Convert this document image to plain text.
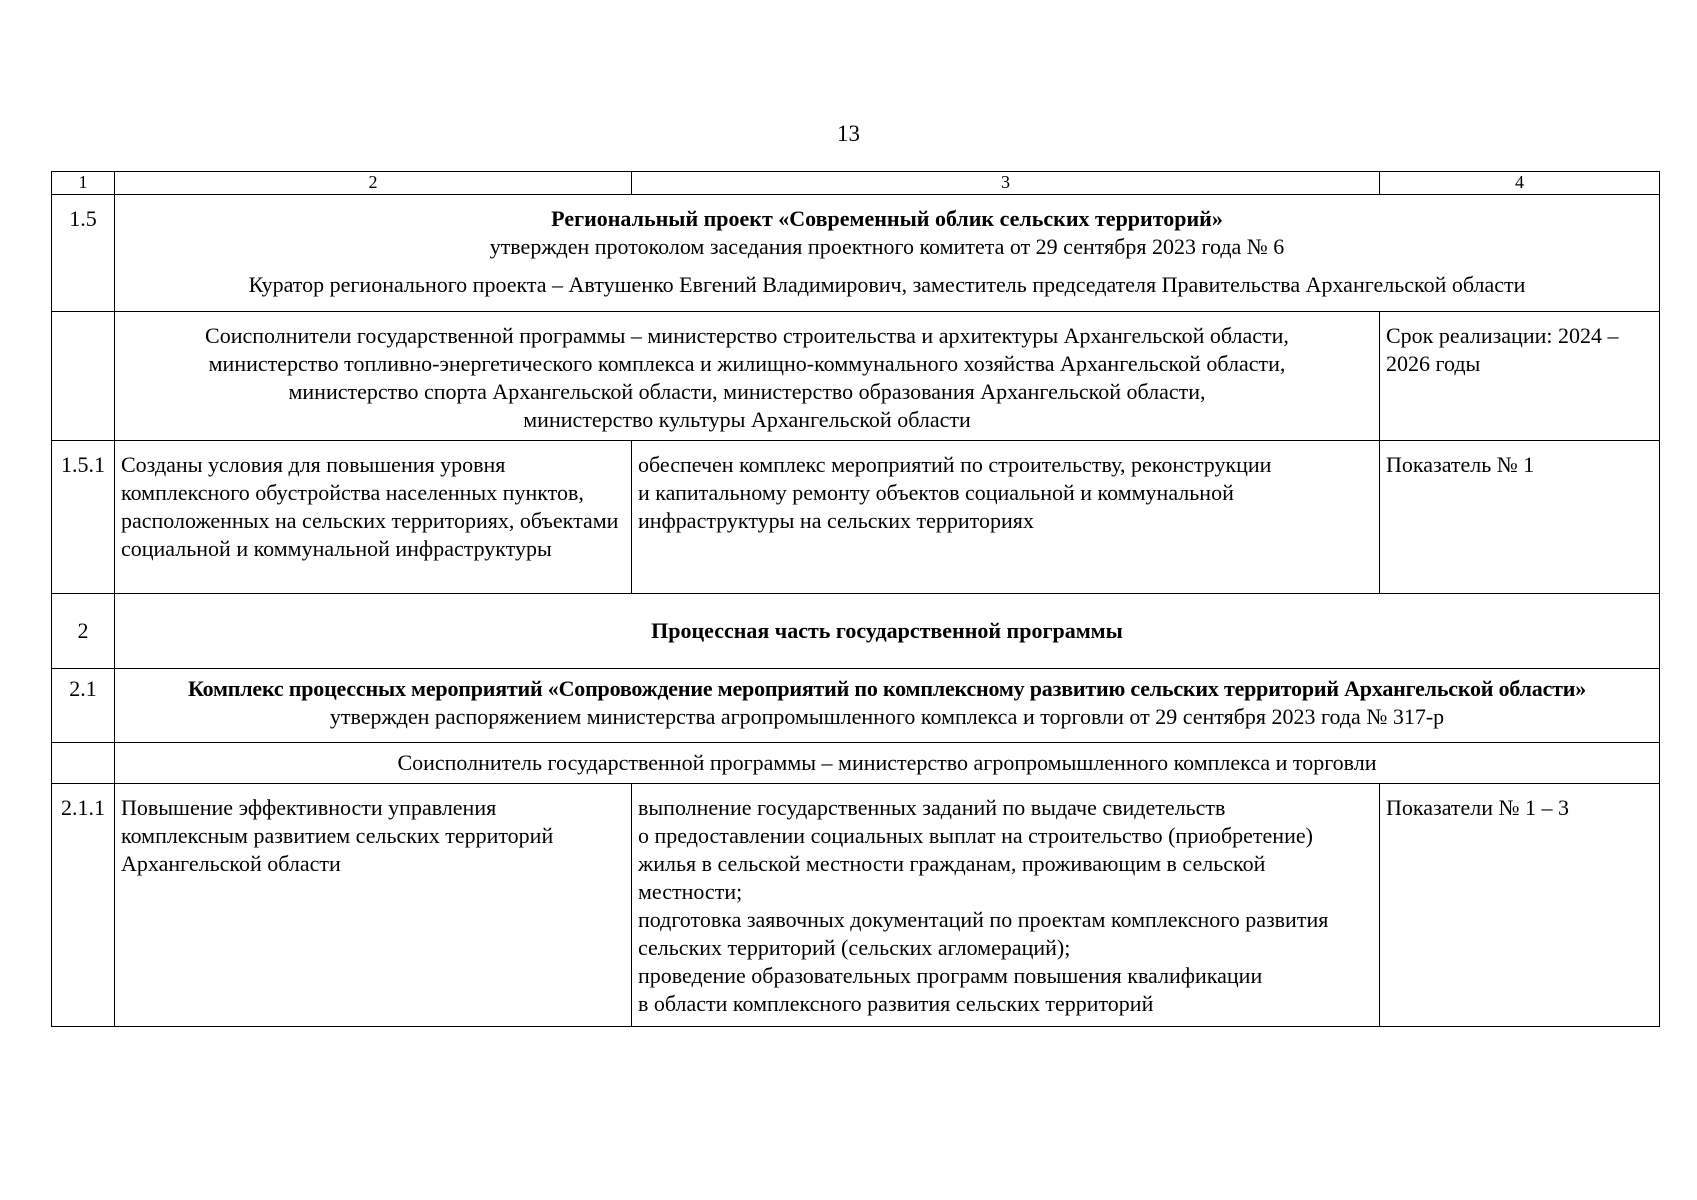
13
1	2	3	4
1.5	Региональный проект «Современный облик сельских территорий»
утвержден протоколом заседания проектного комитета от 29 сентября 2023 года № 6
Куратор регионального проекта – Автушенко Евгений Владимирович, заместитель председателя Правительства Архангельской области		

	Соисполнители государственной программы – министерство строительства и архитектуры Архангельской области,
министерство топливно-энергетического комплекса и жилищно-коммунального хозяйства Архангельской области,
министерство спорта Архангельской области, министерство образования Архангельской области,
министерство культуры Архангельской области		Срок реализации: 2024 – 2026 годы
1.5.1	Созданы условия для повышения уровня комплексного обустройства населенных пунктов, расположенных на сельских территориях, объектами социальной и коммунальной инфраструктуры	обеспечен комплекс мероприятий по строительству, реконструкции
и капитальному ремонту объектов социальной и коммунальной инфраструктуры на сельских территориях	Показатель № 1
2	Процессная часть государственной программы		
2.1	Комплекс процессных мероприятий «Сопровождение мероприятий по комплексному развитию сельских территорий Архангельской области»
утвержден распоряжением министерства агропромышленного комплекса и торговли от 29 сентября 2023 года № 317-р		

	Соисполнитель государственной программы – министерство агропромышленного комплекса и торговли		
2.1.1	Повышение эффективности управления комплексным развитием сельских территорий Архангельской области	выполнение государственных заданий по выдаче свидетельств
о предоставлении социальных выплат на строительство (приобретение) жилья в сельской местности гражданам, проживающим в сельской местности;
подготовка заявочных документаций по проектам комплексного развития сельских территорий (сельских агломераций);
проведение образовательных программ повышения квалификации
в области комплексного развития сельских территорий	Показатели № 1 – 3
